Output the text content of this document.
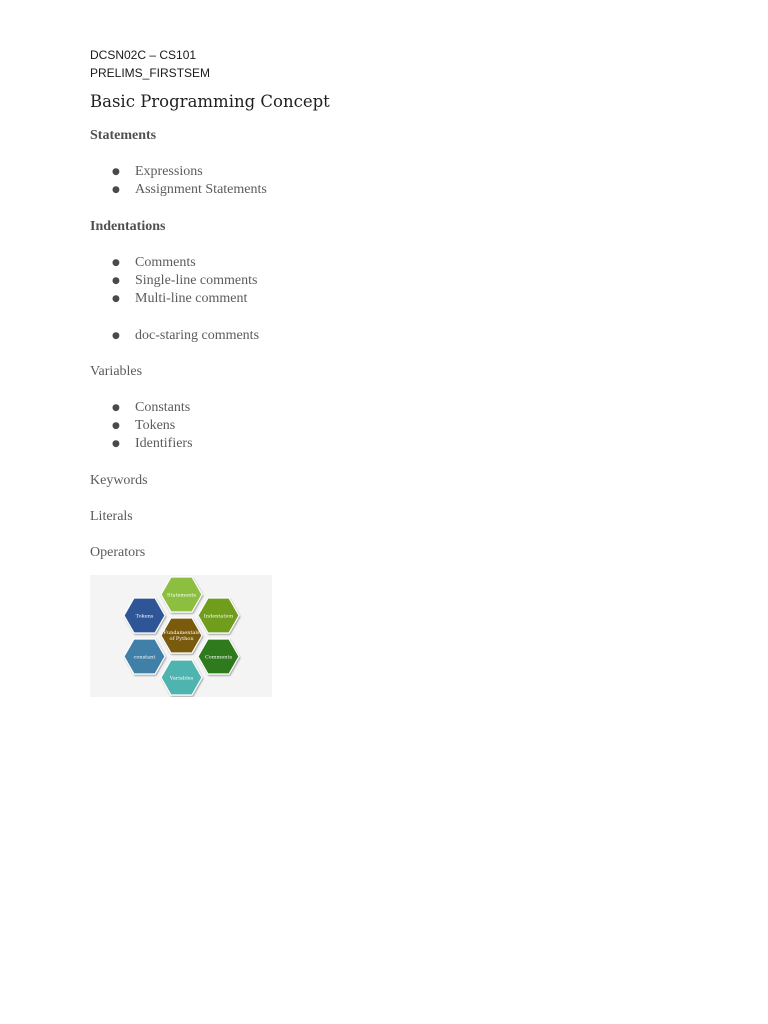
DCSN02C – CS101
PRELIMS_FIRSTSEM
Basic Programming Concept
Statements
● Expressions
● Assignment Statements
Indentations
● Comments
● Single-line comments
● Multi-line comment
● doc-staring comments
Variables
● Constants
● Tokens
● Identifiers
Keywords
Literals
Operators
Statements
Tokens	Indentation
Fundamentals
of Python
constant	Comments
Variables
